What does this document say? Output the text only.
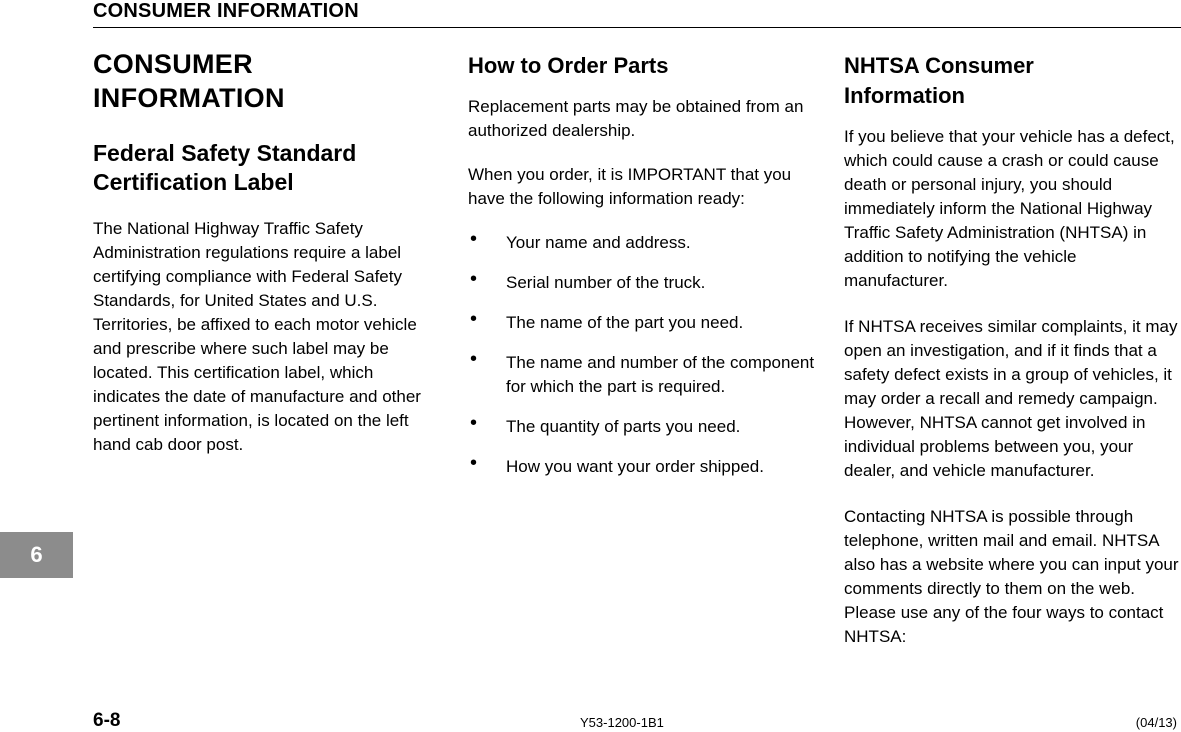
CONSUMER INFORMATION
CONSUMER
INFORMATION
Federal Safety Standard
Certification Label

The National Highway Traffic Safety Administration regulations require a label certifying compliance with Federal Safety Standards, for United States and U.S. Territories, be affixed to each motor vehicle and prescribe where such label may be located. This certification label, which indicates the date of manufacture and other pertinent information, is located on the left hand cab door post.

How to Order Parts

Replacement parts may be obtained from an authorized dealership.

When you order, it is IMPORTANT that you have the following information ready:

• Your name and address.
• Serial number of the truck.
• The name of the part you need.
• The name and number of the component for which the part is required.
• The quantity of parts you need.
• How you want your order shipped.
NHTSA Consumer
Information

If you believe that your vehicle has a defect, which could cause a crash or could cause death or personal injury, you should immediately inform the National Highway Traffic Safety Administration (NHTSA) in addition to notifying the vehicle manufacturer.

If NHTSA receives similar complaints, it may open an investigation, and if it finds that a safety defect exists in a group of vehicles, it may order a recall and remedy campaign. However, NHTSA cannot get involved in individual problems between you, your dealer, and vehicle manufacturer.

Contacting NHTSA is possible through telephone, written mail and email. NHTSA also has a website where you can input your comments directly to them on the web. Please use any of the four ways to contact NHTSA:

6
6-8	Y53-1200-1B1	(04/13)
